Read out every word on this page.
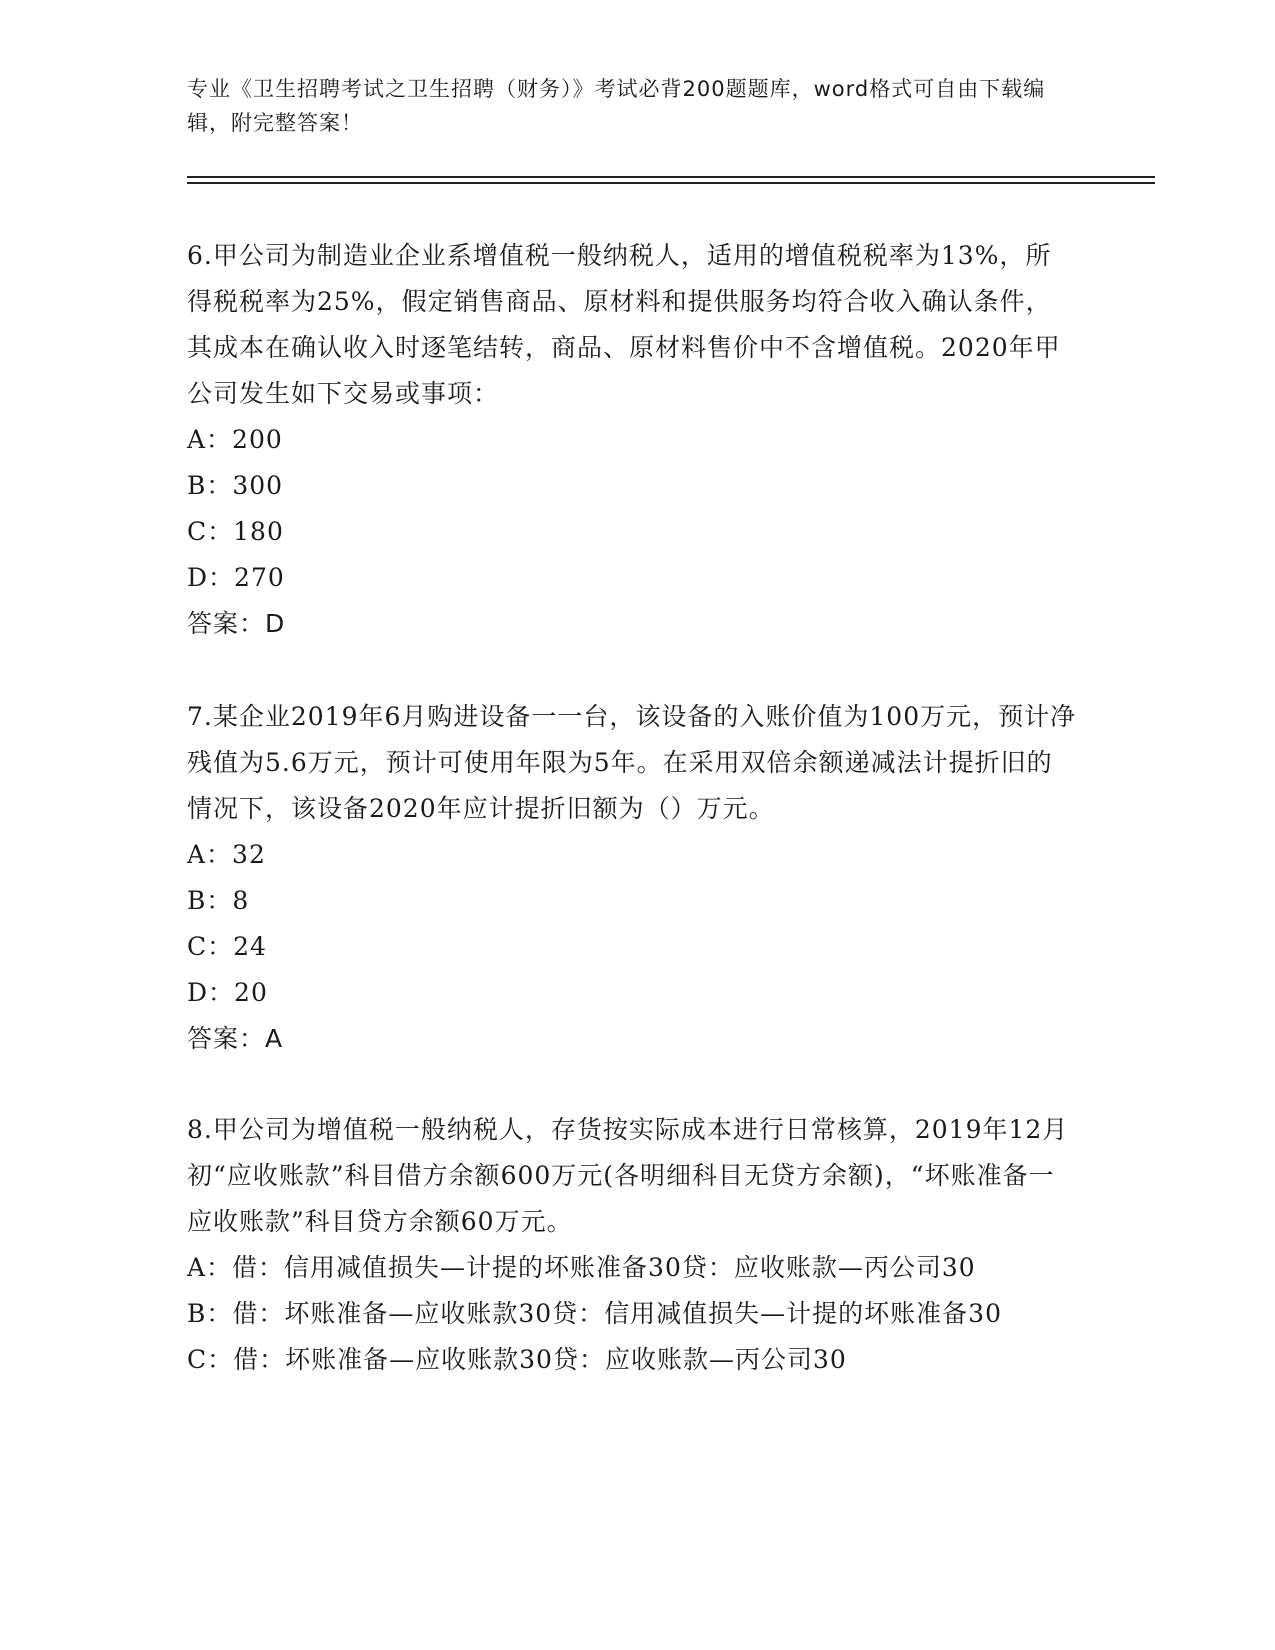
专业《卫生招聘考试之卫生招聘（财务）》考试必背200题题库，word格式可自由下载编辑，附完整答案！

6.甲公司为制造业企业系增值税一般纳税人，适用的增值税税率为13%，所得税税率为25%，假定销售商品、原材料和提供服务均符合收入确认条件，其成本在确认收入时逐笔结转，商品、原材料售价中不含增值税。2020年甲公司发生如下交易或事项：

A：200

B：300

C：180

D：270

答案：D

7.某企业2019年6月购进设备一一台，该设备的入账价值为100万元，预计净残值为5.6万元，预计可使用年限为5年。在采用双倍余额递减法计提折旧的情况下，该设备2020年应计提折旧额为（）万元。

A：32

B：8

C：24

D：20

答案：A

8.甲公司为增值税一般纳税人，存货按实际成本进行日常核算，2019年12月初“应收账款”科目借方余额600万元(各明细科目无贷方余额)，“坏账准备一应收账款”科目贷方余额60万元。

A：借：信用减值损失—计提的坏账准备30贷：应收账款—丙公司30

B：借：坏账准备—应收账款30贷：信用减值损失—计提的坏账准备30

C：借：坏账准备—应收账款30贷：应收账款—丙公司30
